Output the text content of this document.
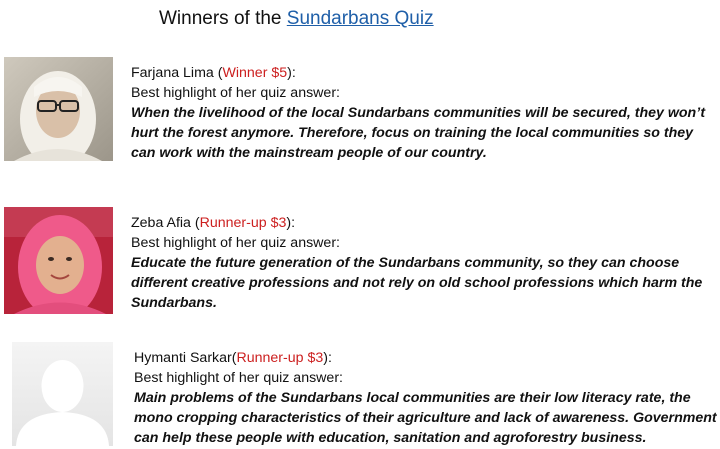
Winners of the Sundarbans Quiz
Farjana Lima (Winner $5):
Best highlight of her quiz answer:
When the livelihood of the local Sundarbans communities will be secured, they won’t hurt the forest anymore. Therefore, focus on training the local communities so they can work with the mainstream people of our country.
Zeba Afia (Runner-up $3):
Best highlight of her quiz answer:
Educate the future generation of the Sundarbans community, so they can choose different creative professions and not rely on old school professions which harm the Sundarbans.
Hymanti Sarkar(Runner-up $3):
Best highlight of her quiz answer:
Main problems of the Sundarbans local communities are their low literacy rate, the mono cropping characteristics of their agriculture and lack of awareness. Government can help these people with education, sanitation and agroforestry business.
